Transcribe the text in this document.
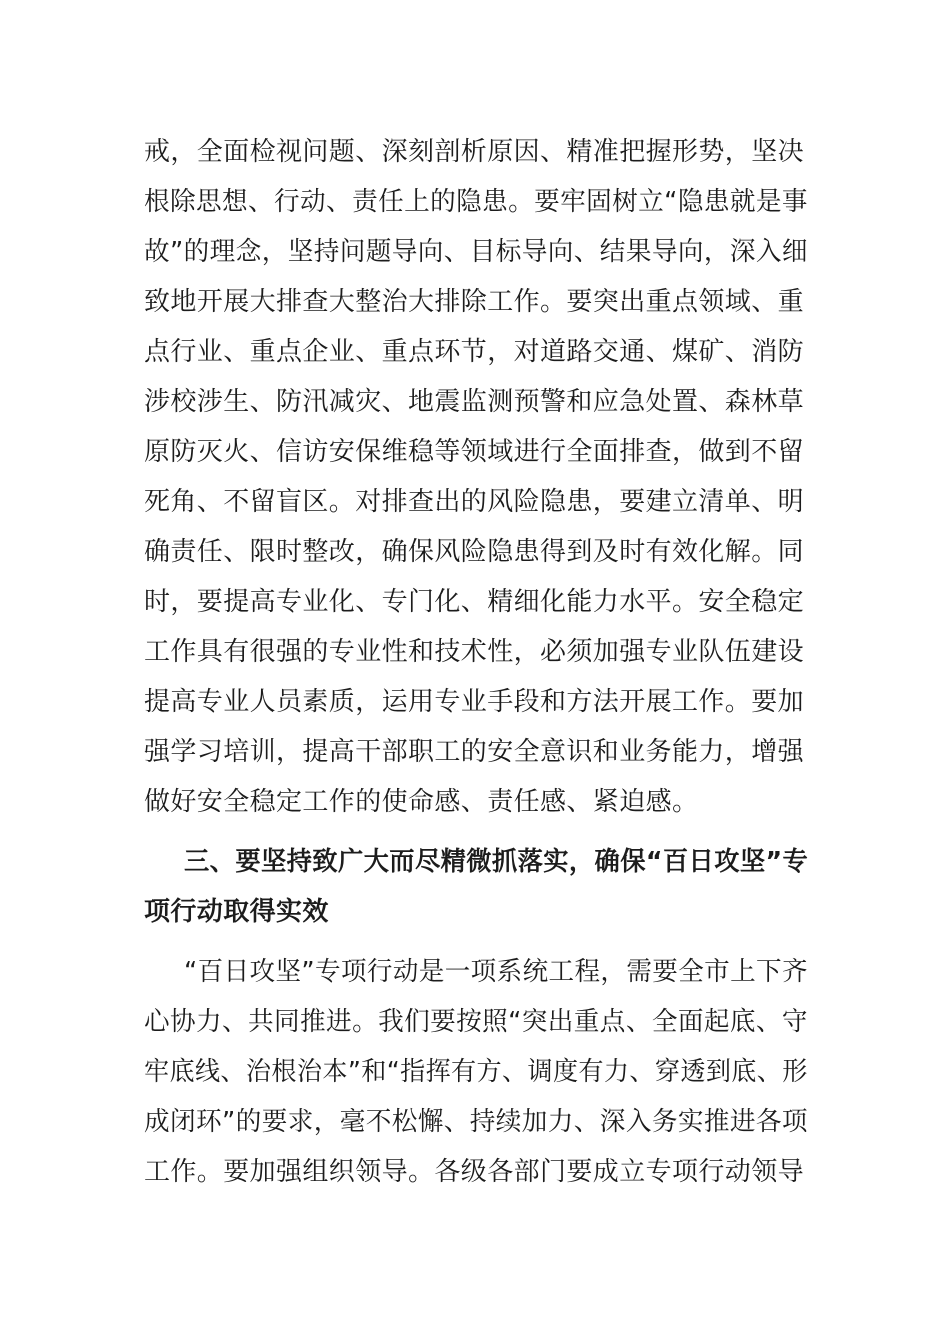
戒，全面检视问题、深刻剖析原因、精准把握形势，坚决
根除思想、行动、责任上的隐患。要牢固树立“隐患就是事
故”的理念，坚持问题导向、目标导向、结果导向，深入细
致地开展大排查大整治大排除工作。要突出重点领域、重
点行业、重点企业、重点环节，对道路交通、煤矿、消防
涉校涉生、防汛减灾、地震监测预警和应急处置、森林草
原防灭火、信访安保维稳等领域进行全面排查，做到不留
死角、不留盲区。对排查出的风险隐患，要建立清单、明
确责任、限时整改，确保风险隐患得到及时有效化解。同
时，要提高专业化、专门化、精细化能力水平。安全稳定
工作具有很强的专业性和技术性，必须加强专业队伍建设
提高专业人员素质，运用专业手段和方法开展工作。要加
强学习培训，提高干部职工的安全意识和业务能力，增强
做好安全稳定工作的使命感、责任感、紧迫感。
三、要坚持致广大而尽精微抓落实，确保“百日攻坚”专
项行动取得实效
“百日攻坚”专项行动是一项系统工程，需要全市上下齐
心协力、共同推进。我们要按照“突出重点、全面起底、守
牢底线、治根治本”和“指挥有方、调度有力、穿透到底、形
成闭环”的要求，毫不松懈、持续加力、深入务实推进各项
工作。要加强组织领导。各级各部门要成立专项行动领导
